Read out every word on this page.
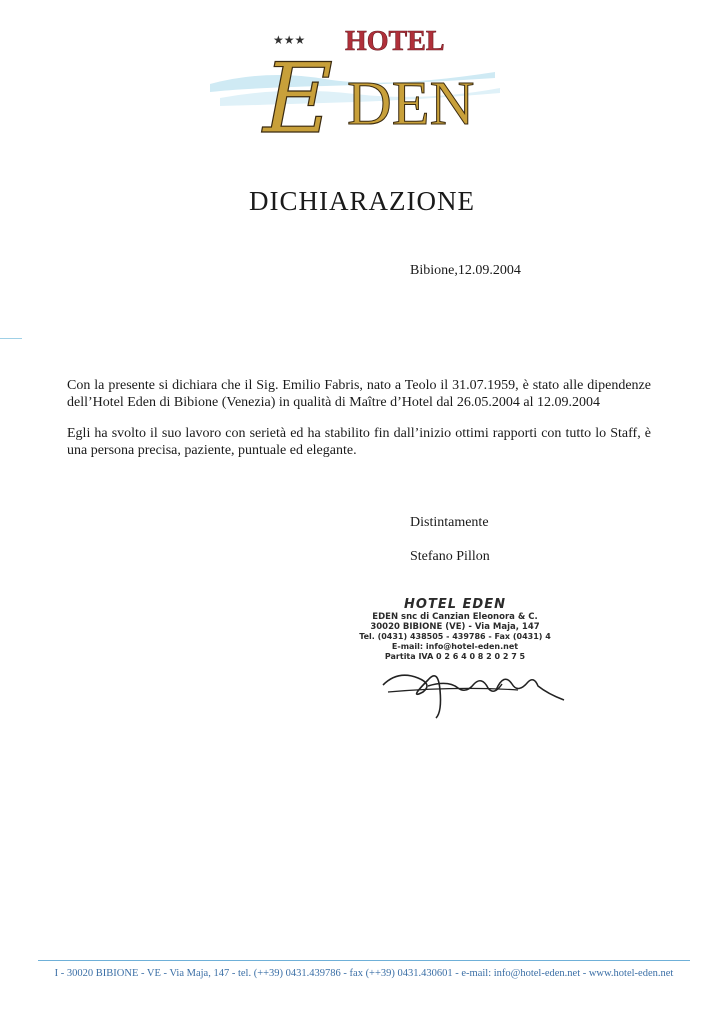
★★★ HOTEL
E DEN
DICHIARAZIONE
Bibione,12.09.2004

Con la presente si dichiara che il Sig. Emilio Fabris, nato a Teolo il 31.07.1959, è stato alle dipendenze dell’Hotel Eden di Bibione (Venezia) in qualità di Maître d’Hotel dal 26.05.2004 al 12.09.2004

Egli ha svolto il suo lavoro con serietà ed ha stabilito fin dall’inizio ottimi rapporti con tutto lo Staff, è una persona precisa, paziente, puntuale ed elegante.

Distintamente
Stefano Pillon
HOTEL EDEN
EDEN snc di Canzian Eleonora & C.
30020 BIBIONE (VE) - Via Maja, 147
Tel. (0431) 438505 - 439786 - Fax (0431) 4
E-mail: info@hotel-eden.net
Partita IVA 0 2 6 4 0 8 2 0 2 7 5
I - 30020 BIBIONE - VE - Via Maja, 147 - tel. (++39) 0431.439786 - fax (++39) 0431.430601 - e-mail: info@hotel-eden.net - www.hotel-eden.net
